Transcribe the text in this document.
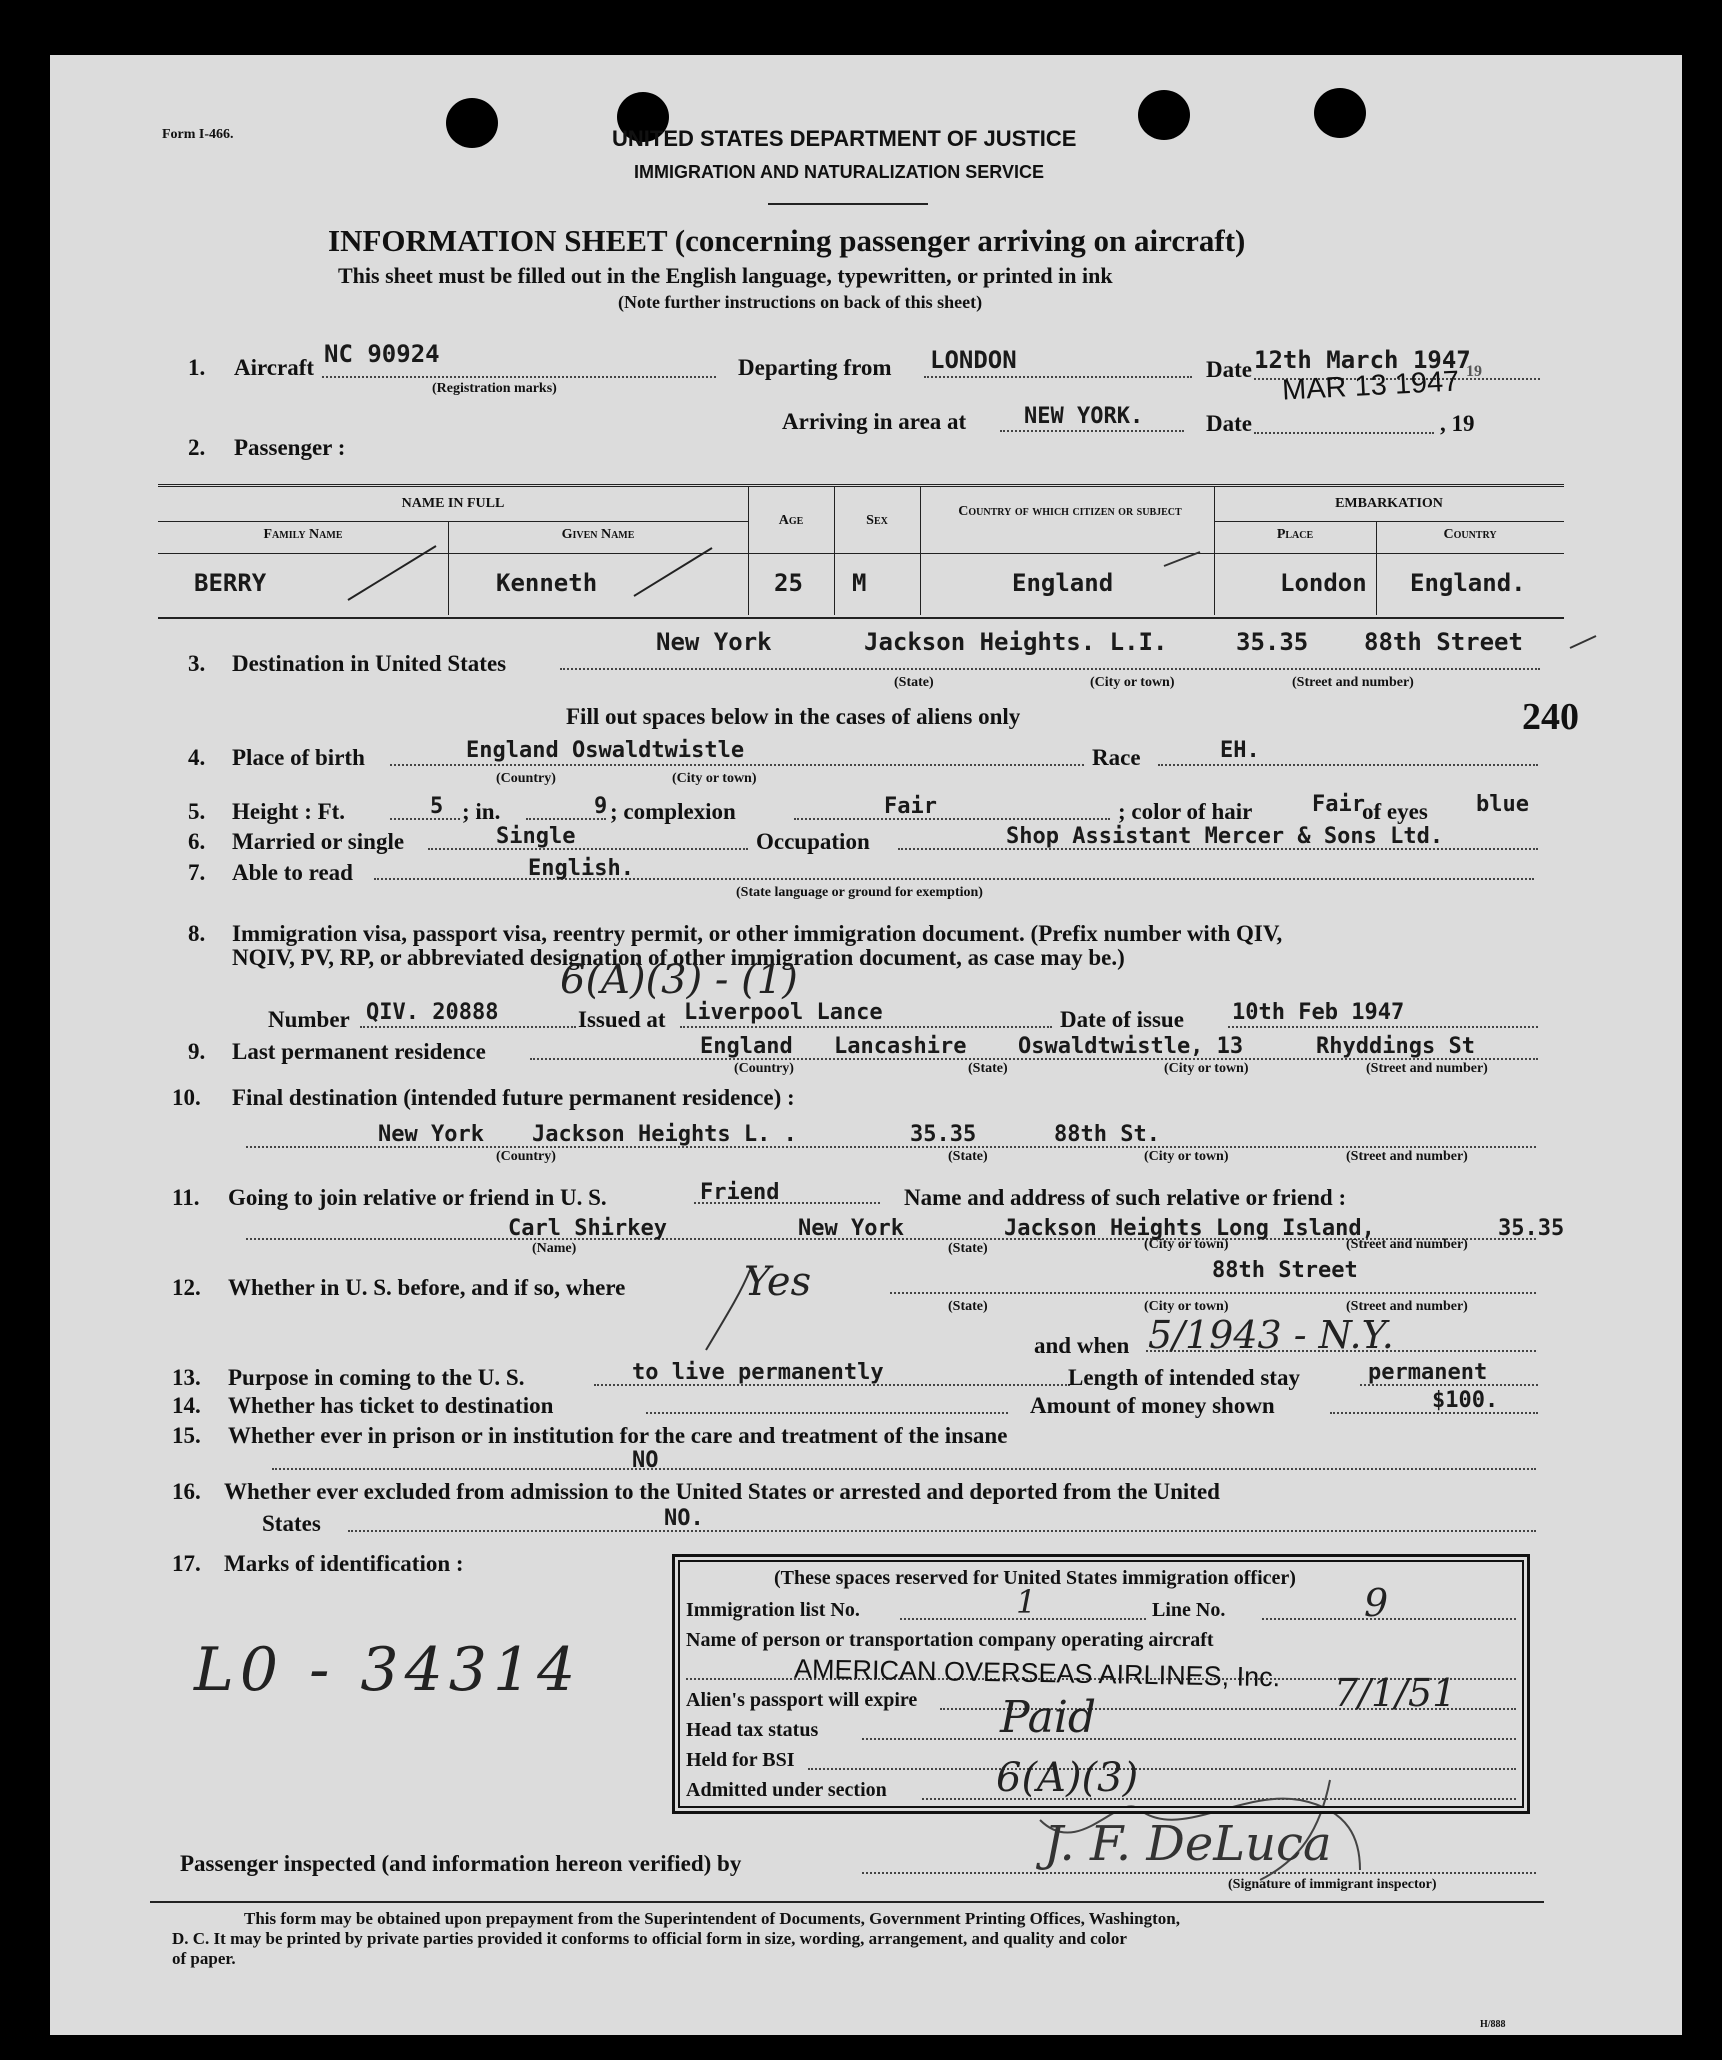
Form I-466.	UNITED STATES DEPARTMENT OF JUSTICE
IMMIGRATION AND NATURALIZATION SERVICE
INFORMATION SHEET (concerning passenger arriving on aircraft)
This sheet must be filled out in the English language, typewritten, or printed in ink
(Note further instructions on back of this sheet)
1. Aircraft NC 90924
(Registration marks)
Departing from LONDON	Date 12th March 1947
19
Arriving in area at	NEW YORK.	Date
MAR 13 1947
, 19
2. Passenger :
NAME IN FULL
Family Name	Given Name
Age	Sex
Country of which citizen or subject
EMBARKATION
Place	Country
BERRY	Kenneth	25 M	England	London England.
3. Destination in United States
New York	Jackson Heights. L.I.	35.35 88th Street
(State)	(City or town)	(Street and number)
Fill out spaces below in the cases of aliens only	240
4. Place of birth	England Oswaldtwistle
(Country)	(City or town)
Race	EH.
5. Height : Ft.	5 ; in.	9 ; complexion	Fair	; color of hair	Fair
of eyes blue
6. Married or single	Single	Occupation	Shop Assistant Mercer & Sons Ltd.
7. Able to read	English.
(State language or ground for exemption)
8. Immigration visa, passport visa, reentry permit, or other immigration document. (Prefix number with QIV,
NQIV, PV, RP, or abbreviated designation of other immigration document, as case may be.)
6(A)(3) - (1)
Number QIV. 20888	Issued at Liverpool Lance	Date of issue 10th Feb 1947
9. Last permanent residence	England Lancashire Oswaldtwistle, 13	Rhyddings St
(Country)	(State)	(City or town)	(Street and number)
10. Final destination (intended future permanent residence) :
New York Jackson Heights L. .	35.35	88th St.
(Country)	(State)	(City or town)	(Street and number)
11. Going to join relative or friend in U. S.	Friend	Name and address of such relative or friend :
Carl Shirkey	New York	Jackson Heights Long Island,	35.35
(Name)	(State)	(City or town)	(Street and number)
12. Whether in U. S. before, and if so, where	Yes	88th Street
(State)	(City or town)	(Street and number)
and when 5/1943 - N.Y.
13. Purpose in coming to the U. S.	to live permanently	Length of intended stay	permanent
14. Whether has ticket to destination	Amount of money shown	$100.
15. Whether ever in prison or in institution for the care and treatment of the insane
NO
16. Whether ever excluded from admission to the United States or arrested and deported from the United
States	NO.
17. Marks of identification :
L0 - 34314
(These spaces reserved for United States immigration officer)
Immigration list No.	1	Line No.	9
Name of person or transportation company operating aircraft
AMERICAN OVERSEAS AIRLINES, Inc.
Alien's passport will expire	7/1/51
Head tax status	Paid
Held for BSI
Admitted under section	6(A)(3)
Passenger inspected (and information hereon verified) by	J. F. DeLuca
(Signature of immigrant inspector)
This form may be obtained upon prepayment from the Superintendent of Documents, Government Printing Offices, Washington,
D. C. It may be printed by private parties provided it conforms to official form in size, wording, arrangement, and quality and color
of paper.
H/888
